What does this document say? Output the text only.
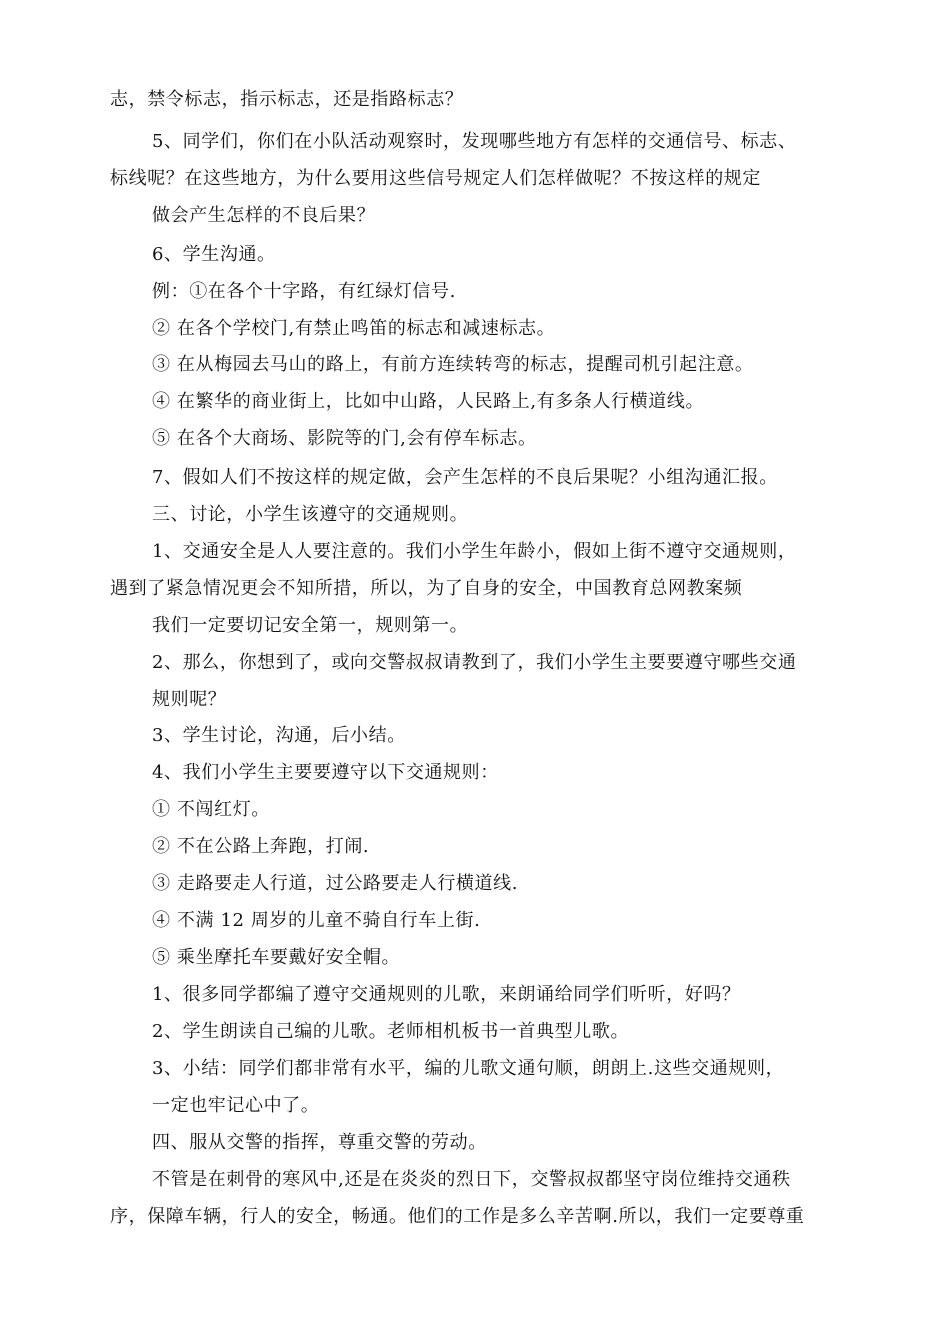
志，禁令标志，指示标志，还是指路标志？
5、同学们，你们在小队活动观察时，发现哪些地方有怎样的交通信号、标志、
标线呢？在这些地方，为什么要用这些信号规定人们怎样做呢？不按这样的规定
做会产生怎样的不良后果？
6、学生沟通。
例：①在各个十字路，有红绿灯信号.
② 在各个学校门,有禁止鸣笛的标志和减速标志。
③ 在从梅园去马山的路上，有前方连续转弯的标志，提醒司机引起注意。
④ 在繁华的商业街上，比如中山路，人民路上,有多条人行横道线。
⑤ 在各个大商场、影院等的门,会有停车标志。
7、假如人们不按这样的规定做，会产生怎样的不良后果呢？小组沟通汇报。
三、讨论，小学生该遵守的交通规则。
1、交通安全是人人要注意的。我们小学生年龄小，假如上街不遵守交通规则，
遇到了紧急情况更会不知所措，所以，为了自身的安全，中国教育总网教案频
我们一定要切记安全第一，规则第一。
2、那么，你想到了，或向交警叔叔请教到了，我们小学生主要要遵守哪些交通
规则呢？
3、学生讨论，沟通，后小结。
4、我们小学生主要要遵守以下交通规则：
① 不闯红灯。
② 不在公路上奔跑，打闹.
③ 走路要走人行道，过公路要走人行横道线.
④ 不满 12 周岁的儿童不骑自行车上街.
⑤ 乘坐摩托车要戴好安全帽。
1、很多同学都编了遵守交通规则的儿歌，来朗诵给同学们听听，好吗？
2、学生朗读自己编的儿歌。老师相机板书一首典型儿歌。
3、小结：同学们都非常有水平，编的儿歌文通句顺，朗朗上.这些交通规则，
一定也牢记心中了。
四、服从交警的指挥，尊重交警的劳动。
不管是在刺骨的寒风中,还是在炎炎的烈日下，交警叔叔都坚守岗位维持交通秩
序，保障车辆，行人的安全，畅通。他们的工作是多么辛苦啊.所以，我们一定要尊重
